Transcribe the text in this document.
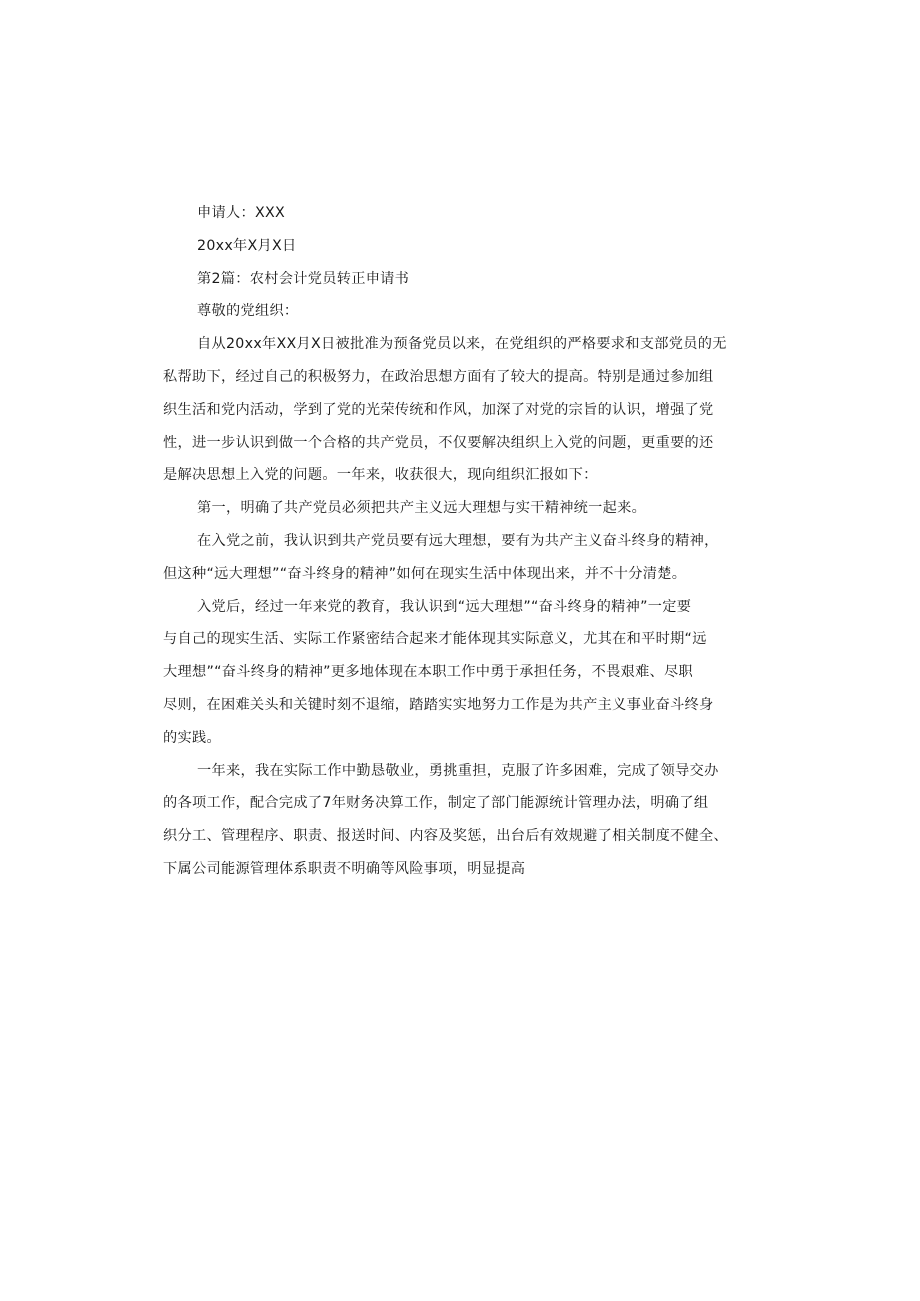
申请人：XXX
20xx年X月X日
第2篇：农村会计党员转正申请书
尊敬的党组织：
自从20xx年XX月X日被批准为预备党员以来，在党组织的严格要求和支部党员的无
私帮助下，经过自己的积极努力，在政治思想方面有了较大的提高。特别是通过参加组
织生活和党内活动，学到了党的光荣传统和作风，加深了对党的宗旨的认识，增强了党
性，进一步认识到做一个合格的共产党员，不仅要解决组织上入党的问题，更重要的还
是解决思想上入党的问题。一年来，收获很大，现向组织汇报如下：
第一，明确了共产党员必须把共产主义远大理想与实干精神统一起来。
在入党之前，我认识到共产党员要有远大理想，要有为共产主义奋斗终身的精神，
但这种“远大理想”“奋斗终身的精神”如何在现实生活中体现出来，并不十分清楚。
入党后，经过一年来党的教育，我认识到“远大理想”“奋斗终身的精神”一定要
与自己的现实生活、实际工作紧密结合起来才能体现其实际意义，尤其在和平时期“远
大理想”“奋斗终身的精神”更多地体现在本职工作中勇于承担任务，不畏艰难、尽职
尽则，在困难关头和关键时刻不退缩，踏踏实实地努力工作是为共产主义事业奋斗终身
的实践。
一年来，我在实际工作中勤恳敬业，勇挑重担，克服了许多困难，完成了领导交办
的各项工作，配合完成了7年财务决算工作，制定了部门能源统计管理办法，明确了组
织分工、管理程序、职责、报送时间、内容及奖惩，出台后有效规避了相关制度不健全、
下属公司能源管理体系职责不明确等风险事项，明显提高
